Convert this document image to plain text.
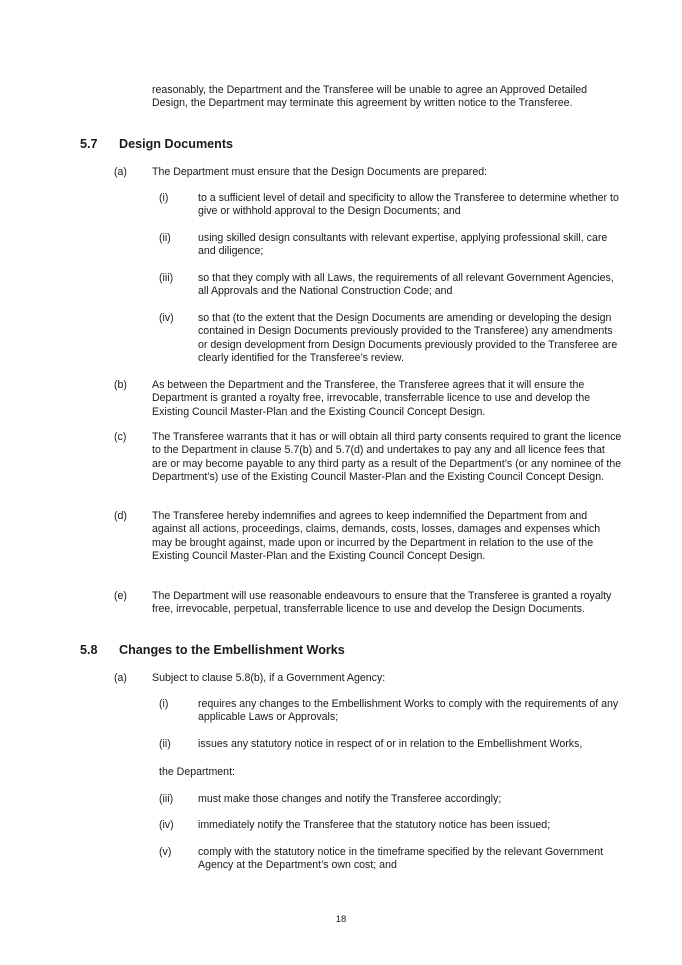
reasonably, the Department and the Transferee will be unable to agree an Approved Detailed Design, the Department may terminate this agreement by written notice to the Transferee.

5.7 Design Documents

(a) The Department must ensure that the Design Documents are prepared:

(i)	to a sufficient level of detail and specificity to allow the Transferee to determine whether to give or withhold approval to the Design Documents; and

(ii)	using skilled design consultants with relevant expertise, applying professional skill, care and diligence;

(iii) so that they comply with all Laws, the requirements of all relevant Government Agencies, all Approvals and the National Construction Code; and

(iv) so that (to the extent that the Design Documents are amending or developing the design contained in Design Documents previously provided to the Transferee) any amendments or design development from Design Documents previously provided to the Transferee are clearly identified for the Transferee’s review.

(b) As between the Department and the Transferee, the Transferee agrees that it will ensure the Department is granted a royalty free, irrevocable, transferrable licence to use and develop the Existing Council Master-Plan and the Existing Council Concept Design.

(c) The Transferee warrants that it has or will obtain all third party consents required to grant the licence to the Department in clause 5.7(b) and 5.7(d) and undertakes to pay any and all licence fees that are or may become payable to any third party as a result of the Department’s (or any nominee of the Department’s) use of the Existing Council Master-Plan and the Existing Council Concept Design.

(d) The Transferee hereby indemnifies and agrees to keep indemnified the Department from and against all actions, proceedings, claims, demands, costs, losses, damages and expenses which may be brought against, made upon or incurred by the Department in relation to the use of the Existing Council Master-Plan and the Existing Council Concept Design.

(e) The Department will use reasonable endeavours to ensure that the Transferee is granted a royalty free, irrevocable, perpetual, transferrable licence to use and develop the Design Documents.

5.8 Changes to the Embellishment Works

(a) Subject to clause 5.8(b), if a Government Agency:

(i)	requires any changes to the Embellishment Works to comply with the requirements of any applicable Laws or Approvals;

(ii)	issues any statutory notice in respect of or in relation to the Embellishment Works,

the Department:

(iii) must make those changes and notify the Transferee accordingly;

(iv) immediately notify the Transferee that the statutory notice has been issued;

(v)	comply with the statutory notice in the timeframe specified by the relevant Government Agency at the Department’s own cost; and

18
